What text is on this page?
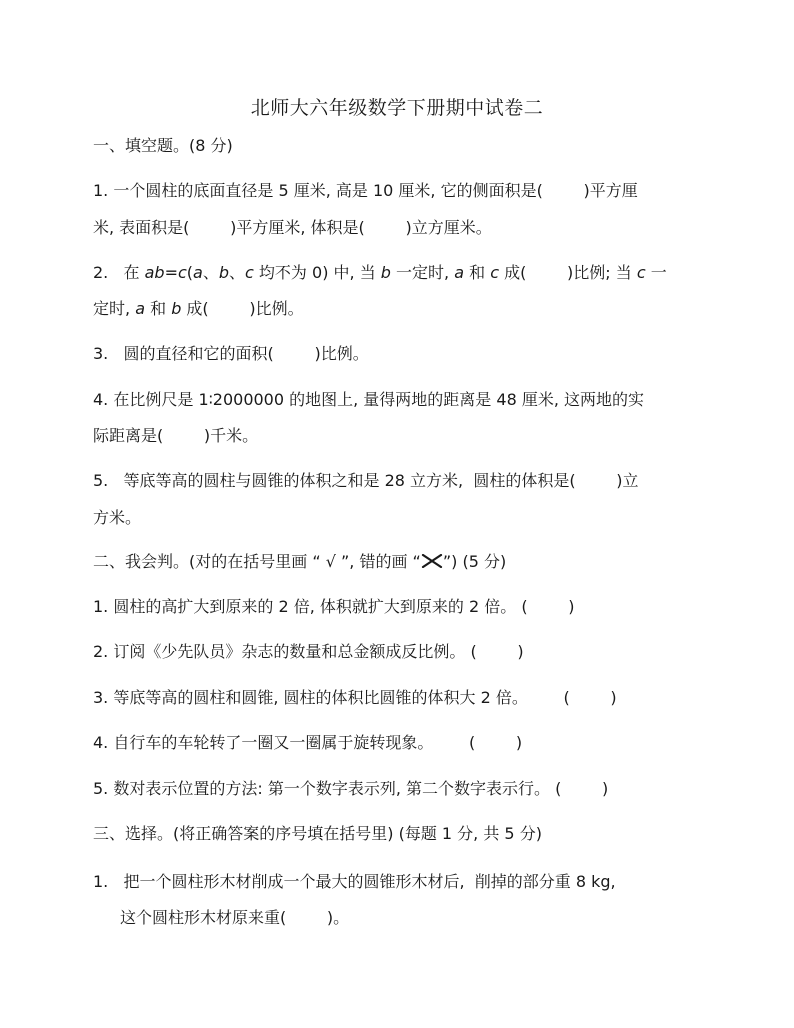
北师大六年级数学下册期中试卷二
一、填空题。(8 分)
1. 一个圆柱的底面直径是 5 厘米, 高是 10 厘米, 它的侧面积是(        )平方厘
米, 表面积是(        )平方厘米, 体积是(        )立方厘米。
2.   在 ab=c(a、b、c 均不为 0) 中, 当 b 一定时, a 和 c 成(        )比例; 当 c 一
定时, a 和 b 成(        )比例。
3.   圆的直径和它的面积(        )比例。
4. 在比例尺是 1∶2000000 的地图上, 量得两地的距离是 48 厘米, 这两地的实
际距离是(        )千米。
5.   等底等高的圆柱与圆锥的体积之和是 28 立方米,  圆柱的体积是(        )立
方米。
二、我会判。(对的在括号里画 “ √ ”, 错的画 “ ”) (5 分)
1. 圆柱的高扩大到原来的 2 倍, 体积就扩大到原来的 2 倍。 (        )
2. 订阅《少先队员》杂志的数量和总金额成反比例。 (        )
3. 等底等高的圆柱和圆锥, 圆柱的体积比圆锥的体积大 2 倍。       (        )
4. 自行车的车轮转了一圈又一圈属于旋转现象。       (        )
5. 数对表示位置的方法: 第一个数字表示列, 第二个数字表示行。 (        )
三、选择。(将正确答案的序号填在括号里) (每题 1 分, 共 5 分)
1.   把一个圆柱形木材削成一个最大的圆锥形木材后,  削掉的部分重 8 kg,
这个圆柱形木材原来重(        )。
